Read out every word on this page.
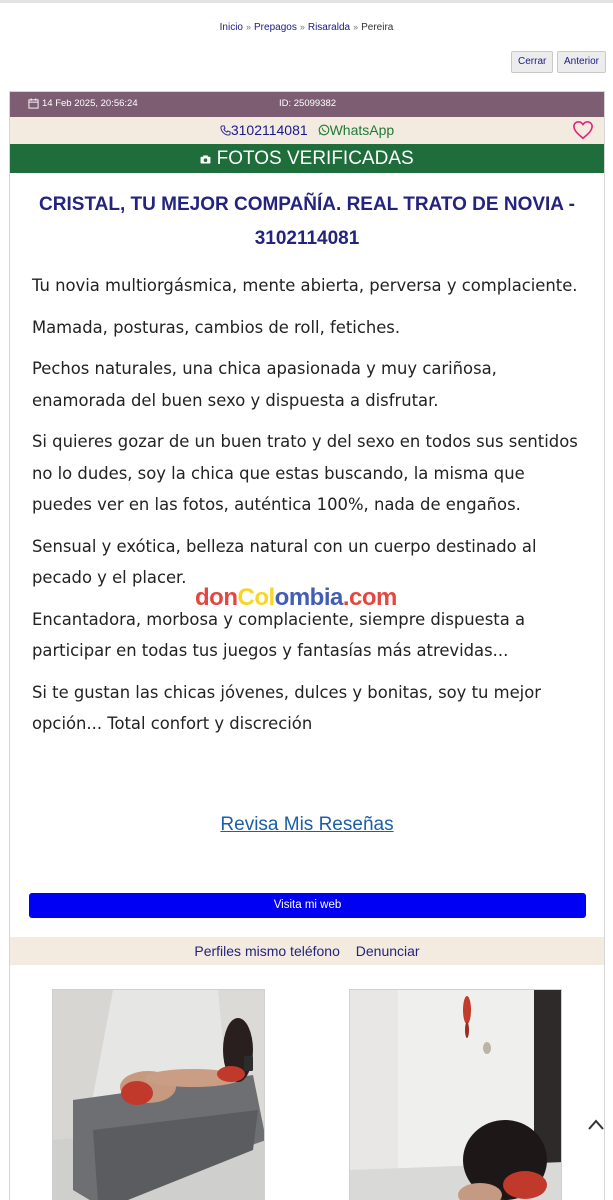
Inicio » Prepagos » Risaralda » Pereira
Cerrar	Anterior
14 Feb 2025, 20:56:24	ID: 25099382
3102114081 WhatsApp
FOTOS VERIFICADAS
CRISTAL, TU MEJOR COMPAÑÍA. REAL TRATO DE NOVIA - 3102114081

Tu novia multiorgásmica, mente abierta, perversa y complaciente.

Mamada, posturas, cambios de roll, fetiches.

Pechos naturales, una chica apasionada y muy cariñosa, enamorada del buen sexo y dispuesta a disfrutar.

Si quieres gozar de un buen trato y del sexo en todos sus sentidos no lo dudes, soy la chica que estas buscando, la misma que puedes ver en las fotos, auténtica 100%, nada de engaños.

Sensual y exótica, belleza natural con un cuerpo destinado al pecado y el placer.

Encantadora, morbosa y complaciente, siempre dispuesta a participar en todas tus juegos y fantasías más atrevidas...

Si te gustan las chicas jóvenes, dulces y bonitas, soy tu mejor opción... Total confort y discreción

donColombia.com
Revisa Mis Reseñas
Visita mi web
Perfiles mismo teléfono Denunciar
